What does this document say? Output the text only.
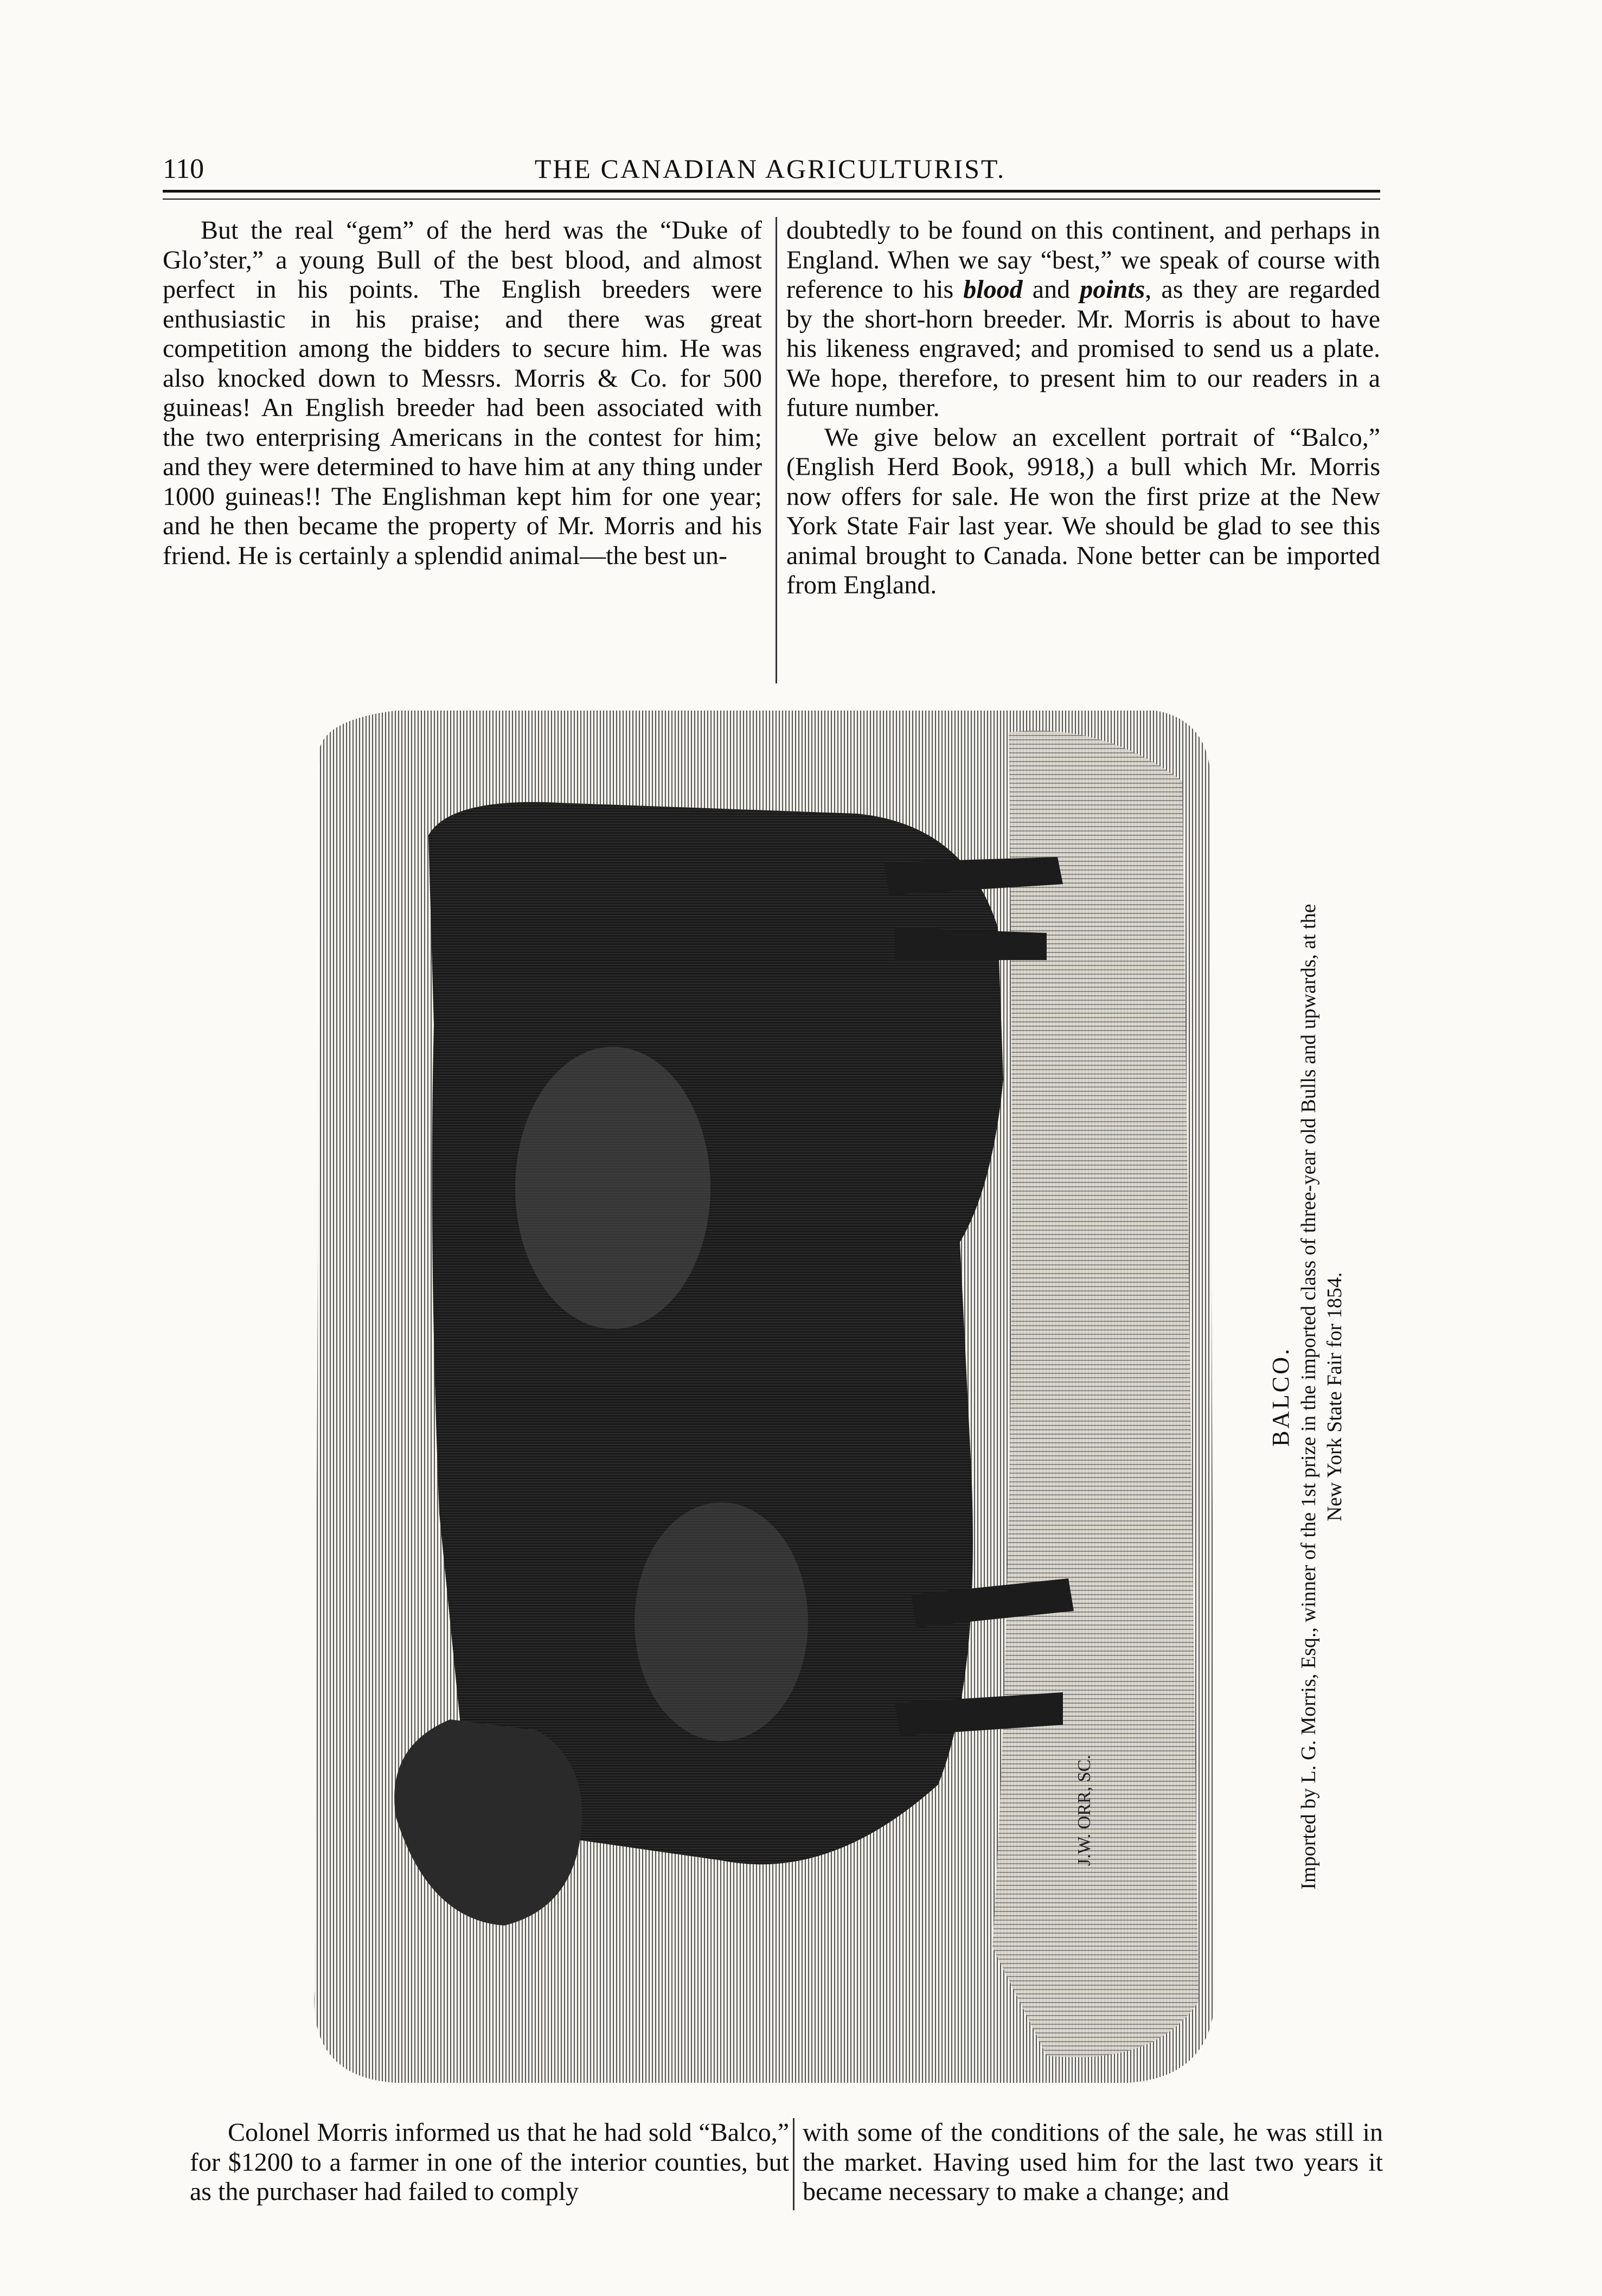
110	THE CANADIAN AGRICULTURIST.

But the real “gem” of the herd was the “Duke of Glo’ster,” a young Bull of the best blood, and almost perfect in his points. The English breeders were enthusiastic in his praise; and there was great competition among the bidders to secure him. He was also knocked down to Messrs. Morris & Co. for 500 guineas! An English breeder had been associated with the two enterprising Americans in the contest for him; and they were determined to have him at any thing under 1000 guineas!! The Englishman kept him for one year; and he then became the property of Mr. Morris and his friend. He is certainly a splendid animal—the best un-

doubtedly to be found on this continent, and perhaps in England. When we say “best,” we speak of course with reference to his blood and points, as they are regarded by the short-horn breeder. Mr. Morris is about to have his likeness engraved; and promised to send us a plate. We hope, therefore, to present him to our readers in a future number.

We give below an excellent portrait of “Balco,” (English Herd Book, 9918,) a bull which Mr. Morris now offers for sale. He won the first prize at the New York State Fair last year. We should be glad to see this animal brought to Canada. None better can be imported from England.

J.W. ORR, SC.
BALCO. Imported by L. G. Morris, Esq., winner of the 1st prize in the imported class of three-year old Bulls and upwards, at the New York State Fair for 1854.

Colonel Morris informed us that he had sold “Balco,” for $1200 to a farmer in one of the interior counties, but as the purchaser had failed to comply

with some of the conditions of the sale, he was still in the market. Having used him for the last two years it became necessary to make a change; and
